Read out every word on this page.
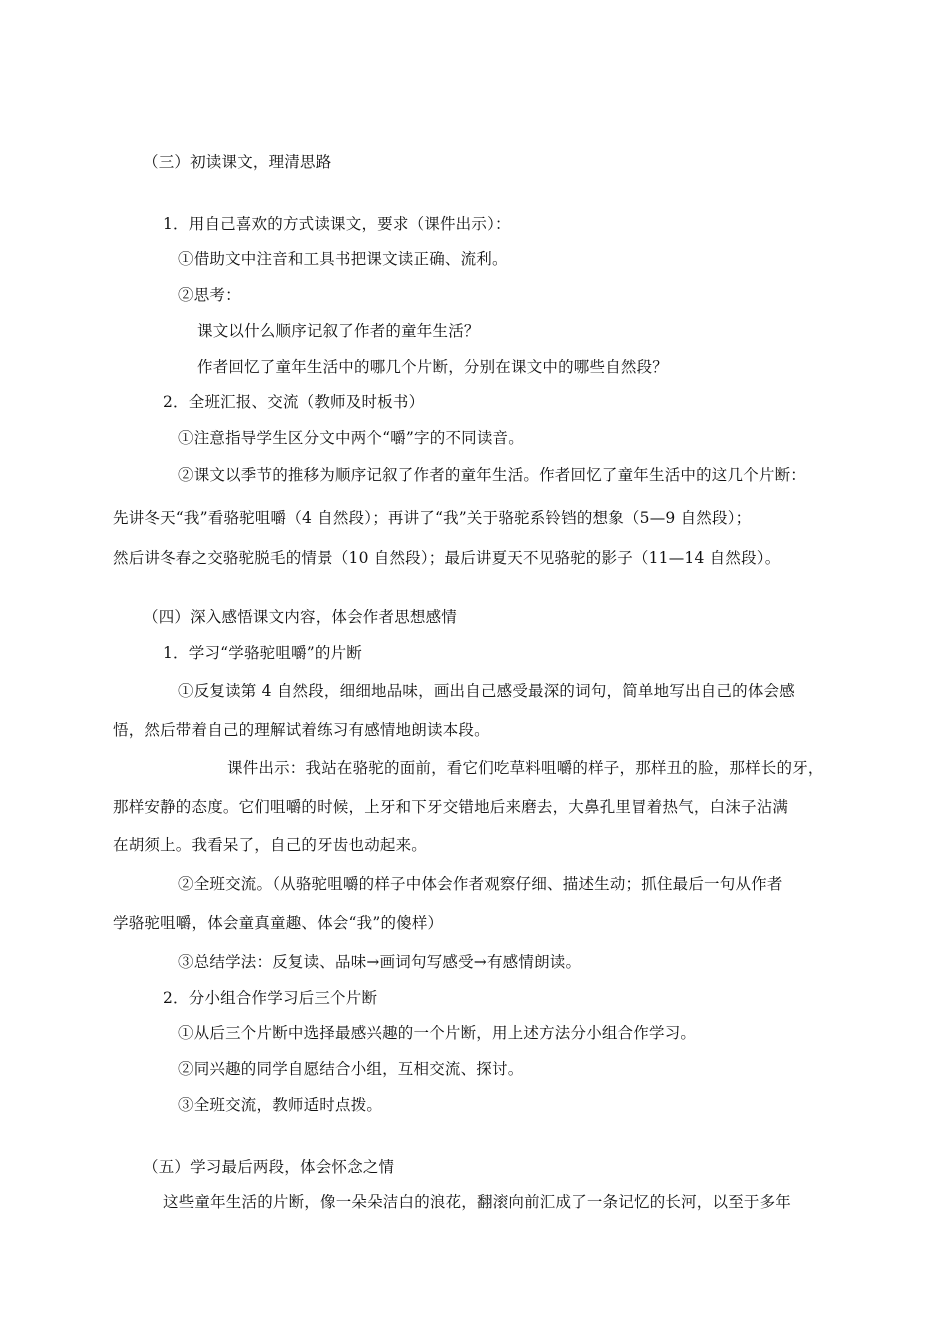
（三）初读课文，理清思路
1．用自己喜欢的方式读课文，要求（课件出示）：
①借助文中注音和工具书把课文读正确、流利。
②思考：
课文以什么顺序记叙了作者的童年生活？
作者回忆了童年生活中的哪几个片断，分别在课文中的哪些自然段？
2．全班汇报、交流（教师及时板书）
①注意指导学生区分文中两个“嚼”字的不同读音。
②课文以季节的推移为顺序记叙了作者的童年生活。作者回忆了童年生活中的这几个片断：
先讲冬天“我”看骆驼咀嚼（4 自然段）；再讲了“我”关于骆驼系铃铛的想象（5—9 自然段）；
然后讲冬春之交骆驼脱毛的情景（10 自然段）；最后讲夏天不见骆驼的影子（11—14 自然段）。
（四）深入感悟课文内容，体会作者思想感情
1．学习“学骆驼咀嚼”的片断
①反复读第 4 自然段，细细地品味，画出自己感受最深的词句，简单地写出自己的体会感
悟，然后带着自己的理解试着练习有感情地朗读本段。
课件出示：我站在骆驼的面前，看它们吃草料咀嚼的样子，那样丑的脸，那样长的牙，
那样安静的态度。它们咀嚼的时候，上牙和下牙交错地后来磨去，大鼻孔里冒着热气，白沫子沾满
在胡须上。我看呆了，自己的牙齿也动起来。
②全班交流。（从骆驼咀嚼的样子中体会作者观察仔细、描述生动；抓住最后一句从作者
学骆驼咀嚼，体会童真童趣、体会“我”的傻样）
③总结学法：反复读、品味→画词句写感受→有感情朗读。
2．分小组合作学习后三个片断
①从后三个片断中选择最感兴趣的一个片断，用上述方法分小组合作学习。
②同兴趣的同学自愿结合小组，互相交流、探讨。
③全班交流，教师适时点拨。
（五）学习最后两段，体会怀念之情
这些童年生活的片断，像一朵朵洁白的浪花，翻滚向前汇成了一条记忆的长河，以至于多年
